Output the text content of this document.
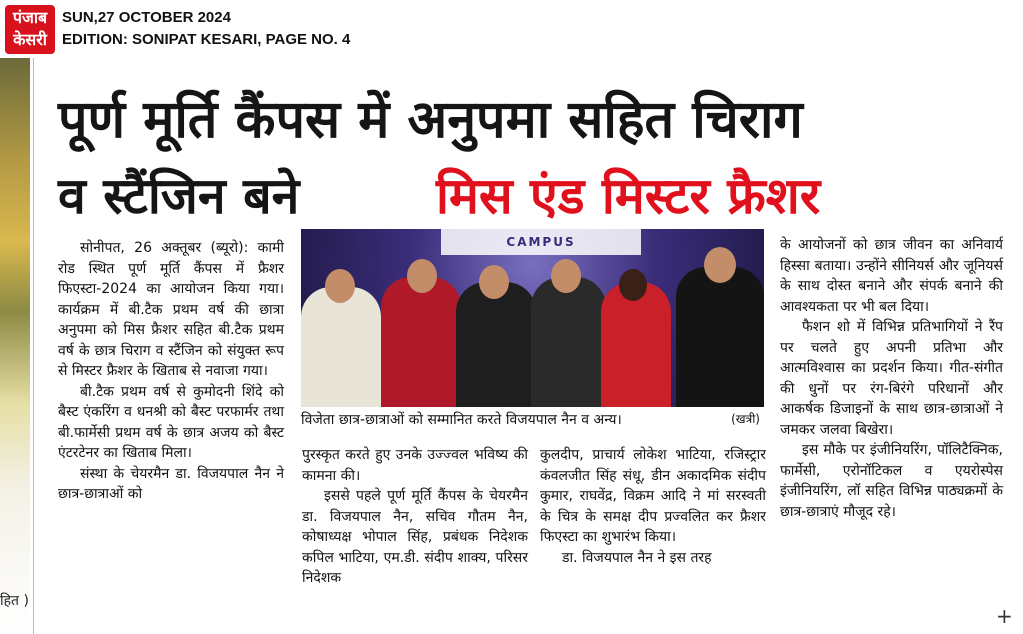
पंजाब
केसरी
SUN,27 OCTOBER 2024
EDITION: SONIPAT KESARI, PAGE NO. 4
हित )
पूर्ण मूर्ति कैंपस में अनुपमा सहित चिराग
व स्टैंजिन बने	मिस एंड मिस्टर फ्रैशर

सोनीपत, 26 अक्तूबर (ब्यूरो): कामी रोड स्थित पूर्ण मूर्ति कैंपस में फ्रैशर फिएस्टा-2024 का आयोजन किया गया। कार्यक्रम में बी.टैक प्रथम वर्ष की छात्रा अनुपमा को मिस फ्रैशर सहित बी.टैक प्रथम वर्ष के छात्र चिराग व स्टैंजिन को संयुक्त रूप से मिस्टर फ्रैशर के खिताब से नवाजा गया।

बी.टैक प्रथम वर्ष से कुमोदनी शिंदे को बैस्ट एंकरिंग व धनश्री को बैस्ट परफार्मर तथा बी.फार्मेसी प्रथम वर्ष के छात्र अजय को बैस्ट एंटरटेनर का खिताब मिला।

संस्था के चेयरमैन डा. विजयपाल नैन ने छात्र-छात्राओं को

CAMPUS
विजेता छात्र-छात्राओं को सम्मानित करते विजयपाल नैन व अन्य।	(खत्री)

पुरस्कृत करते हुए उनके उज्ज्वल भविष्य की कामना की।

इससे पहले पूर्ण मूर्ति कैंपस के चेयरमैन डा. विजयपाल नैन, सचिव गौतम नैन, कोषाध्यक्ष भोपाल सिंह, प्रबंधक निदेशक कपिल भाटिया, एम.डी. संदीप शाक्य, परिसर निदेशक

कुलदीप, प्राचार्य लोकेश भाटिया, रजिस्ट्रार कंवलजीत सिंह संधू, डीन अकादमिक संदीप कुमार, राघवेंद्र, विक्रम आदि ने मां सरस्वती के चित्र के समक्ष दीप प्रज्वलित कर फ्रैशर फिएस्टा का शुभारंभ किया।

डा. विजयपाल नैन ने इस तरह

के आयोजनों को छात्र जीवन का अनिवार्य हिस्सा बताया। उन्होंने सीनियर्स और जूनियर्स के साथ दोस्त बनाने और संपर्क बनाने की आवश्यकता पर भी बल दिया।

फैशन शो में विभिन्न प्रतिभागियों ने रैंप पर चलते हुए अपनी प्रतिभा और आत्मविश्वास का प्रदर्शन किया। गीत-संगीत की धुनों पर रंग-बिरंगे परिधानों और आकर्षक डिजाइनों के साथ छात्र-छात्राओं ने जमकर जलवा बिखेरा।

इस मौके पर इंजीनियरिंग, पॉलिटैक्निक, फार्मेसी, एरोनॉटिकल व एयरोस्पेस इंजीनियरिंग, लॉ सहित विभिन्न पाठ्यक्रमों के छात्र-छात्राएं मौजूद रहे।

+
